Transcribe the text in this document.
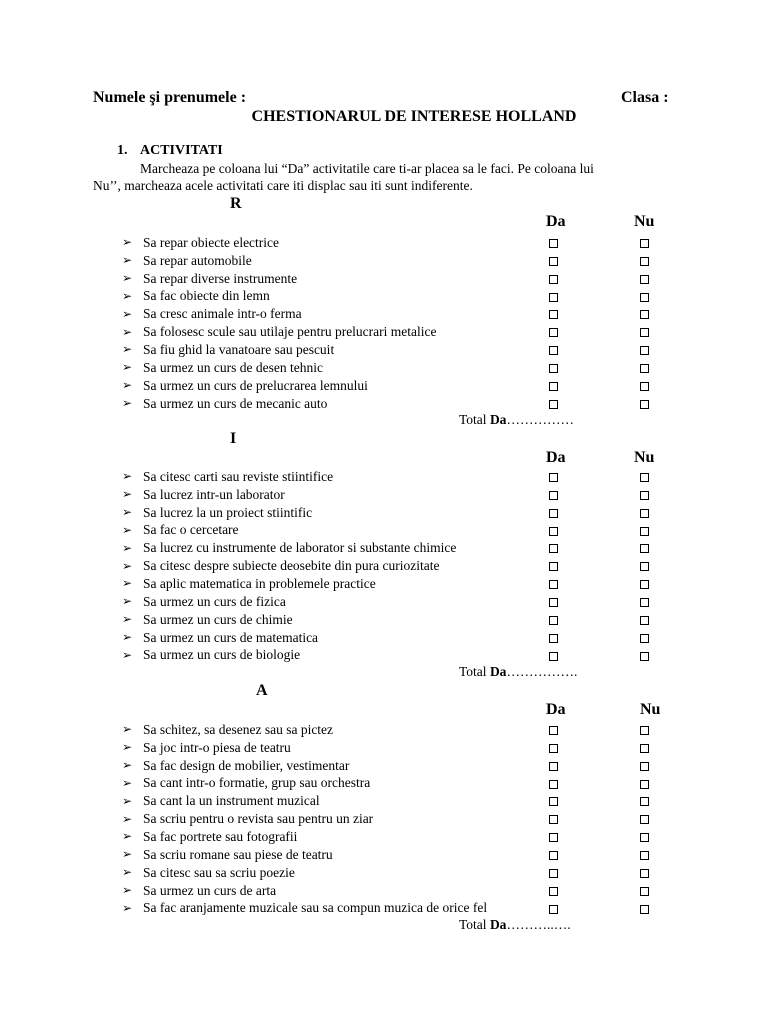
Numele şi prenumele :	Clasa :
CHESTIONARUL DE INTERESE HOLLAND
1. ACTIVITATI
Marcheaza pe coloana lui “Da” activitatile care ti-ar placea sa le faci. Pe coloana lui
Nu’’, marcheaza acele activitati care iti displac sau iti sunt indiferente.
R
Da	Nu
➢ Sa repar obiecte electrice
➢ Sa repar automobile
➢ Sa repar diverse instrumente
➢ Sa fac obiecte din lemn
➢ Sa cresc animale intr-o ferma
➢ Sa folosesc scule sau utilaje pentru prelucrari metalice
➢ Sa fiu ghid la vanatoare sau pescuit
➢ Sa urmez un curs de desen tehnic
➢ Sa urmez un curs de prelucrarea lemnului
➢ Sa urmez un curs de mecanic auto
Total Da……………
I
Da	Nu
➢ Sa citesc carti sau reviste stiintifice
➢ Sa lucrez intr-un laborator
➢ Sa lucrez la un proiect stiintific
➢ Sa fac o cercetare
➢ Sa lucrez cu instrumente de laborator si substante chimice
➢ Sa citesc despre subiecte deosebite din pura curiozitate
➢ Sa aplic matematica in problemele practice
➢ Sa urmez un curs de fizica
➢ Sa urmez un curs de chimie
➢ Sa urmez un curs de matematica
➢ Sa urmez un curs de biologie
Total Da…………….
A
Da	Nu
➢ Sa schitez, sa desenez sau sa pictez
➢ Sa joc intr-o piesa de teatru
➢ Sa fac design de mobilier, vestimentar
➢ Sa cant intr-o formatie, grup sau orchestra
➢ Sa cant la un instrument muzical
➢ Sa scriu pentru o revista sau pentru un ziar
➢ Sa fac portrete sau fotografii
➢ Sa scriu romane sau piese de teatru
➢ Sa citesc sau sa scriu poezie
➢ Sa urmez un curs de arta
➢ Sa fac aranjamente muzicale sau sa compun muzica de orice fel
Total Da………..….
